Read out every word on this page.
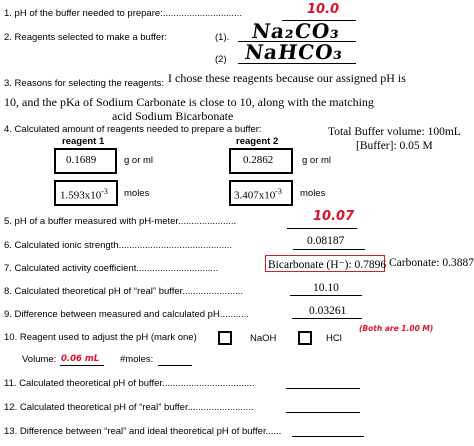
1. pH of the buffer needed to prepare:..............................	10.0
2. Reagents selected to make a buffer:	(1). Na₂CO₃
(2) NaHCO₃
3. Reasons for selecting the reagents: I chose these reagents because our assigned pH is
10, and the pKa of Sodium Carbonate is close to 10, along with the matching
acid Sodium Bicarbonate
4. Calculated amount of reagents needed to prepare a buffer:	Total Buffer volume: 100mL
[Buffer]: 0.05 M
reagent 1	reagent 2
0.1689	g or ml	0.2862	g or ml
$1.593x10^{-3}$ moles	$3.407x10^{-3}$ moles
5. pH of a buffer measured with pH-meter......................	10.07
6. Calculated ionic strength...........................................	0.08187
7. Calculated activity coefficient...............................	Bicarbonate (H⁻): 0.7896 Carbonate: 0.3887
8. Calculated theoretical pH of “real” buffer.......................	10.10
9. Difference between measured and calculated pH...........	0.03261
10. Reagent used to adjust the pH (mark one)	NaOH	HCl
(Both are 1.00 M)
Volume: 0.06 mL #moles:
11. Calculated theoretical pH of buffer...................................
12. Calculated theoretical pH of “real” buffer.........................
13. Difference between “real” and ideal theoretical pH of buffer......
